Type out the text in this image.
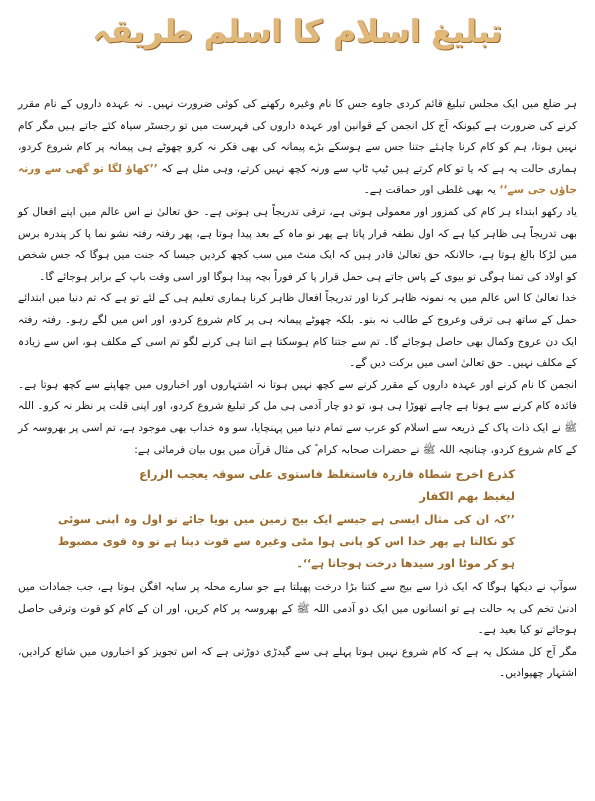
تبلیغ اسلام کا اسلم طریقہ

ہر ضلع میں ایک مجلس تبلیغ قائم کردی جاوے جس کا نام وغیرہ رکھنے کی کوئی ضرورت نہیں۔ نہ عہدہ داروں کے نام مقرر کرنے کی ضرورت ہے کیونکہ آج کل انجمن کے قوانین اور عہدہ داروں کی فہرست میں تو رجسٹر سیاہ کئے جاتے ہیں مگر کام نہیں ہوتا، ہم کو کام کرنا چاہئے جتنا جس سے ہوسکے بڑے پیمانہ کی بھی فکر نہ کرو چھوٹے ہی پیمانہ پر کام شروع کردو، ہماری حالت یہ ہے کہ یا تو کام کرتے ہیں ٹیپ ٹاپ سے ورنہ کچھ نہیں کرتے، وہی مثل ہے کہ ’’کھاؤ لگا تو گھی سے ورنہ جاؤں جی سے‘‘ یہ بھی غلطی اور حماقت ہے۔

یاد رکھو ابتداء ہر کام کی کمزور اور معمولی ہوتی ہے، ترقی تدریجاً ہی ہوتی ہے۔ حق تعالیٰ نے اس عالم میں اپنے افعال کو بھی تدریجاً ہی ظاہر کیا ہے کہ اول نطفہ قرار پاتا ہے پھر نو ماہ کے بعد پیدا ہوتا ہے، پھر رفتہ رفتہ نشو نما پا کر پندرہ برس میں لڑکا بالغ ہوتا ہے، حالانکہ حق تعالیٰ قادر ہیں کہ ایک منٹ میں سب کچھ کردیں جیسا کہ جنت میں ہوگا کہ جس شخص کو اولاد کی تمنا ہوگی تو بیوی کے پاس جاتے ہی حمل قرار پا کر فوراً بچہ پیدا ہوگا اور اسی وقت باپ کے برابر ہوجائے گا۔

خدا تعالیٰ کا اس عالم میں یہ نمونہ ظاہر کرنا اور تدریجاً افعال ظاہر کرنا ہماری تعلیم ہی کے لئے تو ہے کہ تم دنیا میں ابتدائے حمل کے ساتھ ہی ترقی وعروج کے طالب نہ بنو۔ بلکہ چھوٹے پیمانہ ہی پر کام شروع کردو، اور اس میں لگے رہو۔ رفتہ رفتہ ایک دن عروج وکمال بھی حاصل ہوجائے گا۔ تم سے جتنا کام ہوسکتا ہے اتنا ہی کرنے لگو تم اسی کے مکلف ہو، اس سے زیادہ کے مکلف نہیں۔ حق تعالیٰ اسی میں برکت دیں گے۔

انجمن کا نام کرنے اور عہدہ داروں کے مقرر کرنے سے کچھ نہیں ہوتا نہ اشتہاروں اور اخباروں میں چھاپنے سے کچھ ہوتا ہے۔ فائدہ کام کرنے سے ہوتا ہے چاہے تھوڑا ہی ہو، تو دو چار آدمی ہی مل کر تبلیغ شروع کردو، اور اپنی قلت پر نظر نہ کرو۔ اللہ ﷺ نے ایک ذات پاک کے ذریعہ سے اسلام کو عرب سے تمام دنیا میں پہنچایا، سو وہ خداب بھی موجود ہے، تم اسی پر بھروسہ کر کے کام شروع کردو، چنانچہ اللہ ﷺ نے حضرات صحابہ کرام ؓ کی مثال قرآن میں یوں بیان فرمائی ہے:

کذرع اخرج شطاہ فازرہ فاستغلظ فاستوی علی سوقہ یعجب الزراع
لیغیظ بھم الکفار
’’کہ ان کی مثال ایسی ہے جیسے ایک بیج زمین میں بویا جائے تو اول وہ اپنی سوئی کو نکالتا ہے پھر خدا اس کو پانی ہوا مٹی وغیرہ سے قوت دیتا ہے تو وہ قوی مضبوط ہو کر موٹا اور سیدھا درخت ہوجاتا ہے‘‘۔

سوآپ نے دیکھا ہوگا کہ ایک ذرا سے بیج سے کتنا بڑا درخت پھیلتا ہے جو سارے محلہ پر سایہ افگن ہوتا ہے، جب جمادات میں ادنیٰ تخم کی یہ حالت ہے تو انسانوں میں ایک دو آدمی اللہ ﷺ کے بھروسہ پر کام کریں، اور ان کے کام کو قوت وترقی حاصل ہوجائے تو کیا بعید ہے۔

مگر آج کل مشکل یہ ہے کہ کام شروع نہیں ہوتا پہلے ہی سے گیدڑی دوڑتی ہے کہ اس تجویز کو اخباروں میں شائع کرادیں، اشتہار چھپوادیں۔
